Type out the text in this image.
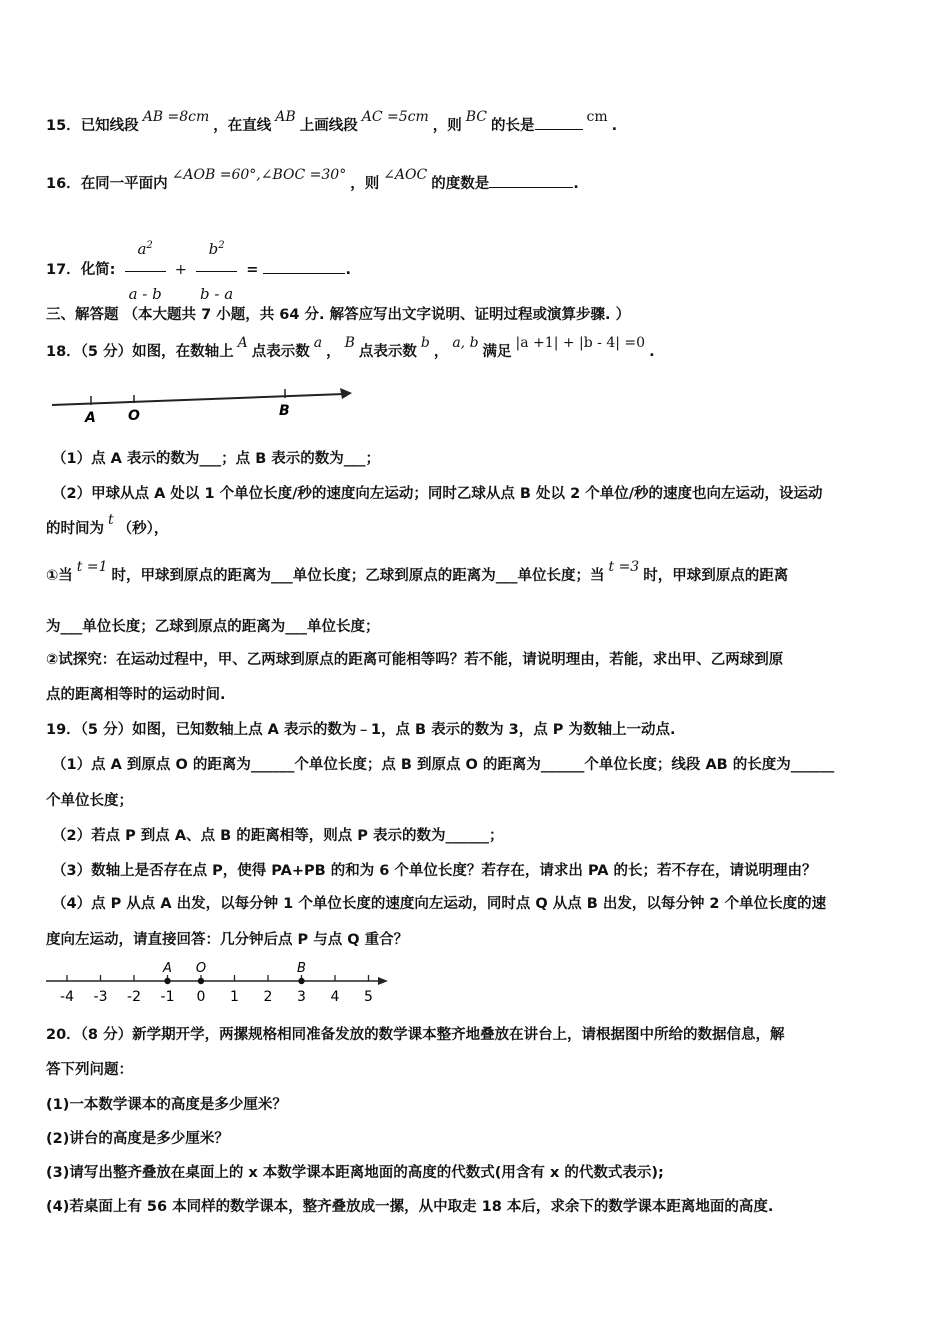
15．已知线段AB =8cm，在直线AB上画线段AC =5cm，则BC的长是cm.
16．在同一平面内∠AOB =60°,∠BOC =30°，则∠AOC的度数是	.
17．化简: $\frac{a^2}{a - b} + \frac{b^2}{b - a}$ =	.
三、解答题 （本大题共 7 小题，共 64 分. 解答应写出文字说明、证明过程或演算步骤. ）
18．（5 分）如图，在数轴上A点表示数a，B点表示数b，a, b满足|a +1| + |b - 4| =0.
A O	B
（1）点 A 表示的数为___；点 B 表示的数为___；
（2）甲球从点 A 处以 1 个单位长度/秒的速度向左运动；同时乙球从点 B 处以 2 个单位/秒的速度也向左运动，设运动
的时间为t（秒），
①当t =1时，甲球到原点的距离为___单位长度；乙球到原点的距离为___单位长度；当t =3时，甲球到原点的距离
为___单位长度；乙球到原点的距离为___单位长度；
②试探究：在运动过程中，甲、乙两球到原点的距离可能相等吗？若不能，请说明理由，若能，求出甲、乙两球到原
点的距离相等时的运动时间.
19．（5 分）如图，已知数轴上点 A 表示的数为﹣1，点 B 表示的数为 3，点 P 为数轴上一动点.
（1）点 A 到原点 O 的距离为______个单位长度；点 B 到原点 O 的距离为______个单位长度；线段 AB 的长度为______
个单位长度；
（2）若点 P 到点 A、点 B 的距离相等，则点 P 表示的数为______；
（3）数轴上是否存在点 P，使得 PA+PB 的和为 6 个单位长度？若存在，请求出 PA 的长；若不存在，请说明理由？
（4）点 P 从点 A 出发，以每分钟 1 个单位长度的速度向左运动，同时点 Q 从点 B 出发，以每分钟 2 个单位长度的速
度向左运动，请直接回答：几分钟后点 P 与点 Q 重合？
-4 -3 -2 -1 0 1 2 3 4 5
A O	B
20．（8 分）新学期开学，两摞规格相同准备发放的数学课本整齐地叠放在讲台上，请根据图中所给的数据信息，解
答下列问题：
(1)一本数学课本的高度是多少厘米？
(2)讲台的高度是多少厘米？
(3)请写出整齐叠放在桌面上的 x 本数学课本距离地面的高度的代数式(用含有 x 的代数式表示);
(4)若桌面上有 56 本同样的数学课本，整齐叠放成一摞，从中取走 18 本后，求余下的数学课本距离地面的高度.
